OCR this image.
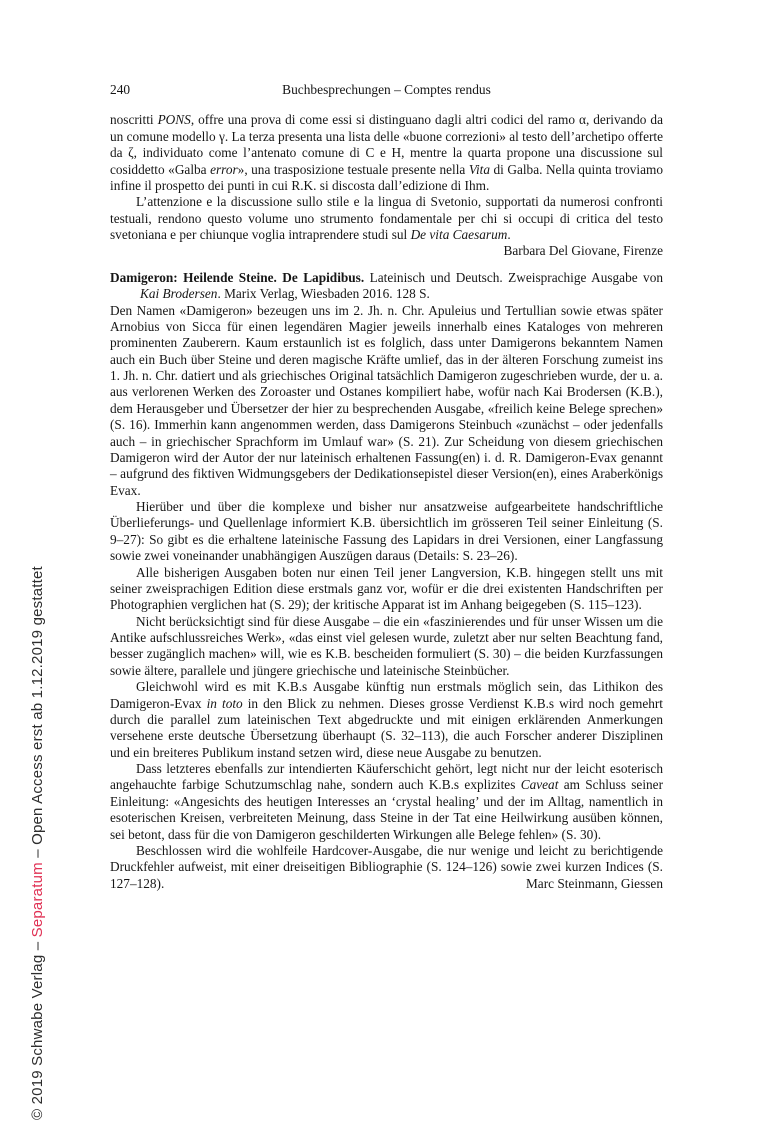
240	Buchbesprechungen – Comptes rendus

noscritti PONS, offre una prova di come essi si distinguano dagli altri codici del ramo α, derivando da un comune modello γ. La terza presenta una lista delle «buone correzioni» al testo dell’archetipo offerte da ζ, individuato come l’antenato comune di C e H, mentre la quarta propone una discussione sul cosiddetto «Galba error», una trasposizione testuale presente nella Vita di Galba. Nella quinta troviamo infine il prospetto dei punti in cui R.K. si discosta dall’edizione di Ihm.

L’attenzione e la discussione sullo stile e la lingua di Svetonio, supportati da numerosi confronti testuali, rendono questo volume uno strumento fondamentale per chi si occupi di critica del testo svetoniana e per chiunque voglia intraprendere studi sul De vita Caesarum.

Barbara Del Giovane, Firenze

Damigeron: Heilende Steine. De Lapidibus. Lateinisch und Deutsch. Zweisprachige Ausgabe von

Kai Brodersen. Marix Verlag, Wiesbaden 2016. 128 S.

Den Namen «Damigeron» bezeugen uns im 2. Jh. n. Chr. Apuleius und Tertullian sowie etwas später Arnobius von Sicca für einen legendären Magier jeweils innerhalb eines Kataloges von mehreren prominenten Zauberern. Kaum erstaunlich ist es folglich, dass unter Damigerons bekanntem Namen auch ein Buch über Steine und deren magische Kräfte umlief, das in der älteren Forschung zumeist ins 1. Jh. n. Chr. datiert und als griechisches Original tatsächlich Damigeron zugeschrieben wurde, der u. a. aus verlorenen Werken des Zoroaster und Ostanes kompiliert habe, wofür nach Kai Brodersen (K.B.), dem Herausgeber und Übersetzer der hier zu besprechenden Ausgabe, «freilich keine Belege sprechen» (S. 16). Immerhin kann angenommen werden, dass Damigerons Steinbuch «zunächst – oder jedenfalls auch – in griechischer Sprachform im Umlauf war» (S. 21). Zur Scheidung von diesem griechischen Damigeron wird der Autor der nur lateinisch erhaltenen Fassung(en) i. d. R. Damigeron-Evax genannt – aufgrund des fiktiven Widmungsgebers der Dedikationsepistel dieser Version(en), eines Araberkönigs Evax.

Hierüber und über die komplexe und bisher nur ansatzweise aufgearbeitete handschriftliche Überlieferungs- und Quellenlage informiert K.B. übersichtlich im grösseren Teil seiner Einleitung (S. 9–27): So gibt es die erhaltene lateinische Fassung des Lapidars in drei Versionen, einer Langfassung sowie zwei voneinander unabhängigen Auszügen daraus (Details: S. 23–26).

Alle bisherigen Ausgaben boten nur einen Teil jener Langversion, K.B. hingegen stellt uns mit seiner zweisprachigen Edition diese erstmals ganz vor, wofür er die drei existenten Handschriften per Photographien verglichen hat (S. 29); der kritische Apparat ist im Anhang beigegeben (S. 115–123).

Nicht berücksichtigt sind für diese Ausgabe – die ein «faszinierendes und für unser Wissen um die Antike aufschlussreiches Werk», «das einst viel gelesen wurde, zuletzt aber nur selten Beachtung fand, besser zugänglich machen» will, wie es K.B. bescheiden formuliert (S. 30) – die beiden Kurzfassungen sowie ältere, parallele und jüngere griechische und lateinische Steinbücher.

Gleichwohl wird es mit K.B.s Ausgabe künftig nun erstmals möglich sein, das Lithikon des Damigeron-Evax in toto in den Blick zu nehmen. Dieses grosse Verdienst K.B.s wird noch gemehrt durch die parallel zum lateinischen Text abgedruckte und mit einigen erklärenden Anmerkungen versehene erste deutsche Übersetzung überhaupt (S. 32–113), die auch Forscher anderer Disziplinen und ein breiteres Publikum instand setzen wird, diese neue Ausgabe zu benutzen.

Dass letzteres ebenfalls zur intendierten Käuferschicht gehört, legt nicht nur der leicht esoterisch angehauchte farbige Schutzumschlag nahe, sondern auch K.B.s explizites Caveat am Schluss seiner Einleitung: «Angesichts des heutigen Interesses an ‘crystal healing’ und der im Alltag, namentlich in esoterischen Kreisen, verbreiteten Meinung, dass Steine in der Tat eine Heilwirkung ausüben können, sei betont, dass für die von Damigeron geschilderten Wirkungen alle Belege fehlen» (S. 30).

Beschlossen wird die wohlfeile Hardcover-Ausgabe, die nur wenige und leicht zu berichtigende Druckfehler aufweist, mit einer dreiseitigen Bibliographie (S. 124–126) sowie zwei kurzen Indices (S. 127–128).	Marc Steinmann, Giessen

© 2019 Schwabe Verlag – Separatum – Open Access erst ab 1.12.2019 gestattet
